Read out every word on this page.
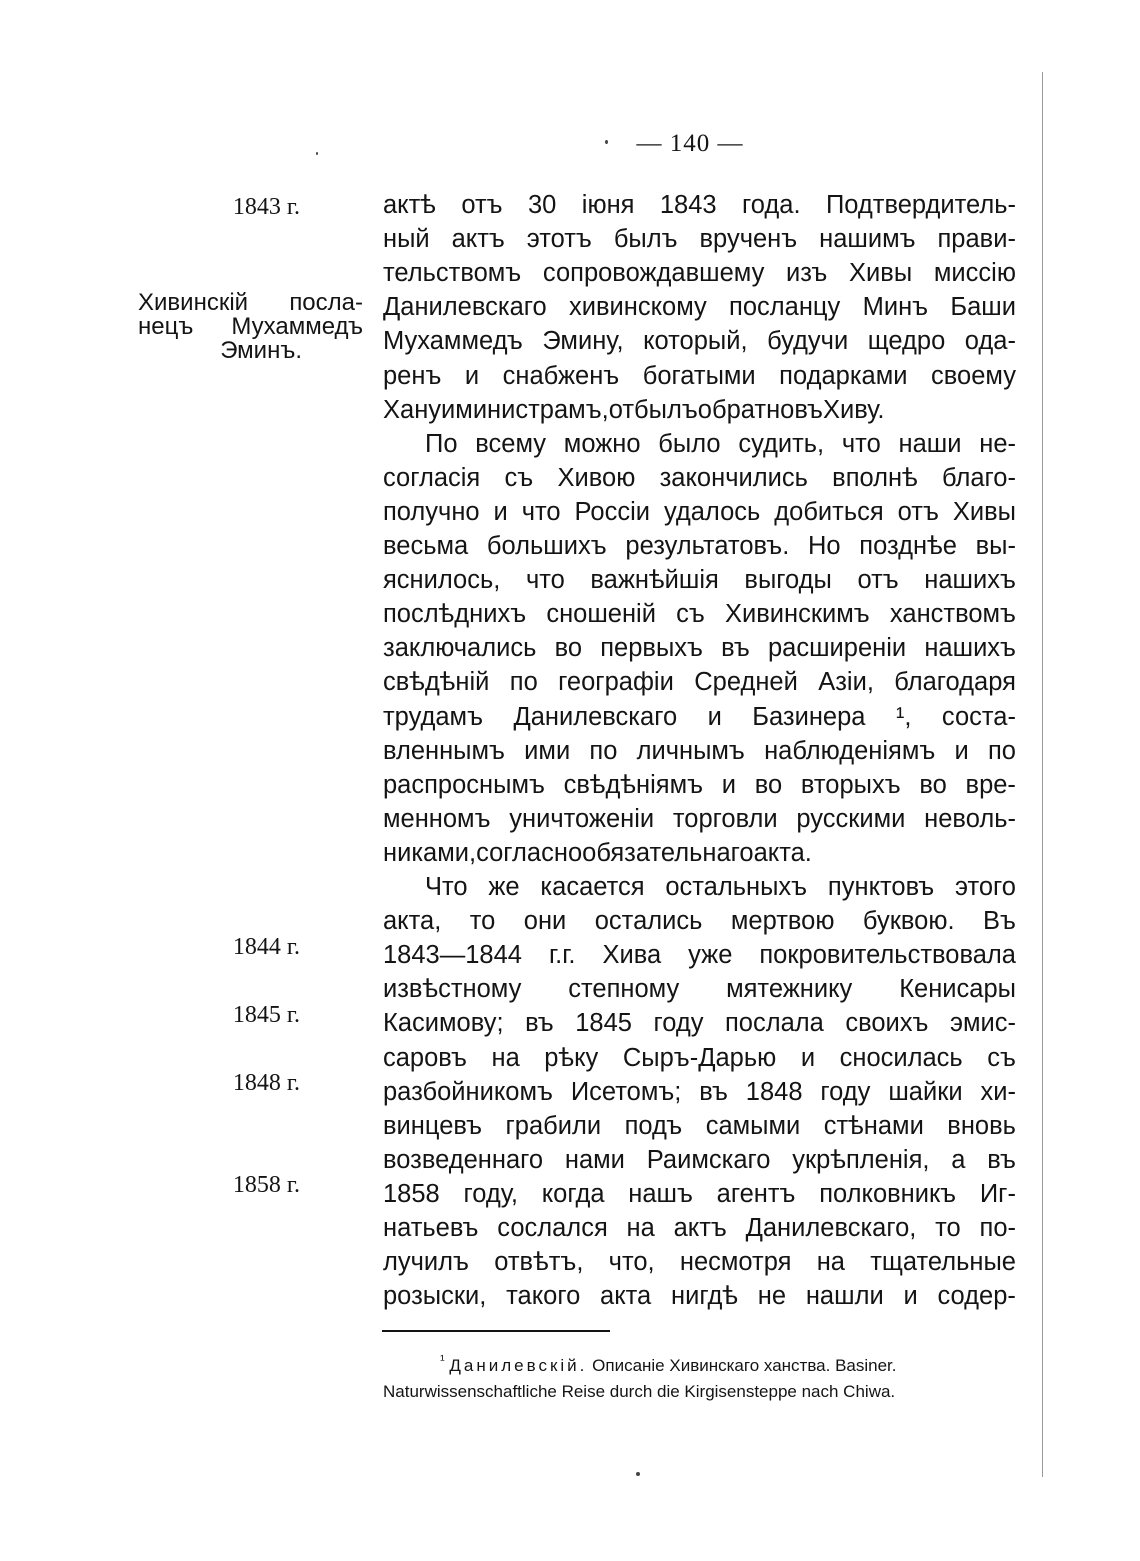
— 140 —
1843 г.
Хивинскій посла-
нецъ Мухаммедъ
Эминъ.
1844 г.
1845 г.
1848 г.
1858 г.
актѣ отъ 30 іюня 1843 года. Подтвердитель-
ный актъ этотъ былъ врученъ нашимъ прави-
тельствомъ сопровождавшему изъ Хивы миссію
Данилевскаго хивинскому посланцу Минъ Баши
Мухаммедъ Эмину, который, будучи щедро ода-
ренъ и снабженъ богатыми подарками своему
Хану и министрамъ, отбылъ обратно въ Хиву.
По всему можно было судить, что наши не-
согласія съ Хивою закончились вполнѣ благо-
получно и что Россіи удалось добиться отъ Хивы
весьма большихъ результатовъ. Но позднѣе вы-
яснилось, что важнѣйшія выгоды отъ нашихъ
послѣднихъ сношеній съ Хивинскимъ ханствомъ
заключались во первыхъ въ расширеніи нашихъ
свѣдѣній по географіи Средней Азіи, благодаря
трудамъ Данилевскаго и Базинера ¹, соста-
вленнымъ ими по личнымъ наблюденіямъ и по
распроснымъ свѣдѣніямъ и во вторыхъ во вре-
менномъ уничтоженіи торговли русскими неволь-
никами, согласно обязательнаго акта.
Что же касается остальныхъ пунктовъ этого
акта, то они остались мертвою буквою. Въ
1843—1844 г.г. Хива уже покровительствовала
извѣстному степному мятежнику Кенисары
Касимову; въ 1845 году послала своихъ эмис-
саровъ на рѣку Сыръ-Дарью и сносилась съ
разбойникомъ Исетомъ; въ 1848 году шайки хи-
винцевъ грабили подъ самыми стѣнами вновь
возведеннаго нами Раимскаго укрѣпленія, а въ
1858 году, когда нашъ агентъ полковникъ Иг-
натьевъ сослался на актъ Данилевскаго, то по-
лучилъ отвѣтъ, что, несмотря на тщательные
розыски, такого акта нигдѣ не нашли и содер-
$^{^1}$ Данилевскій. Описаніе Хивинскаго ханства. Basiner.
Naturwissenschaftliche Reise durch die Kirgisensteppe nach Chiwa.
